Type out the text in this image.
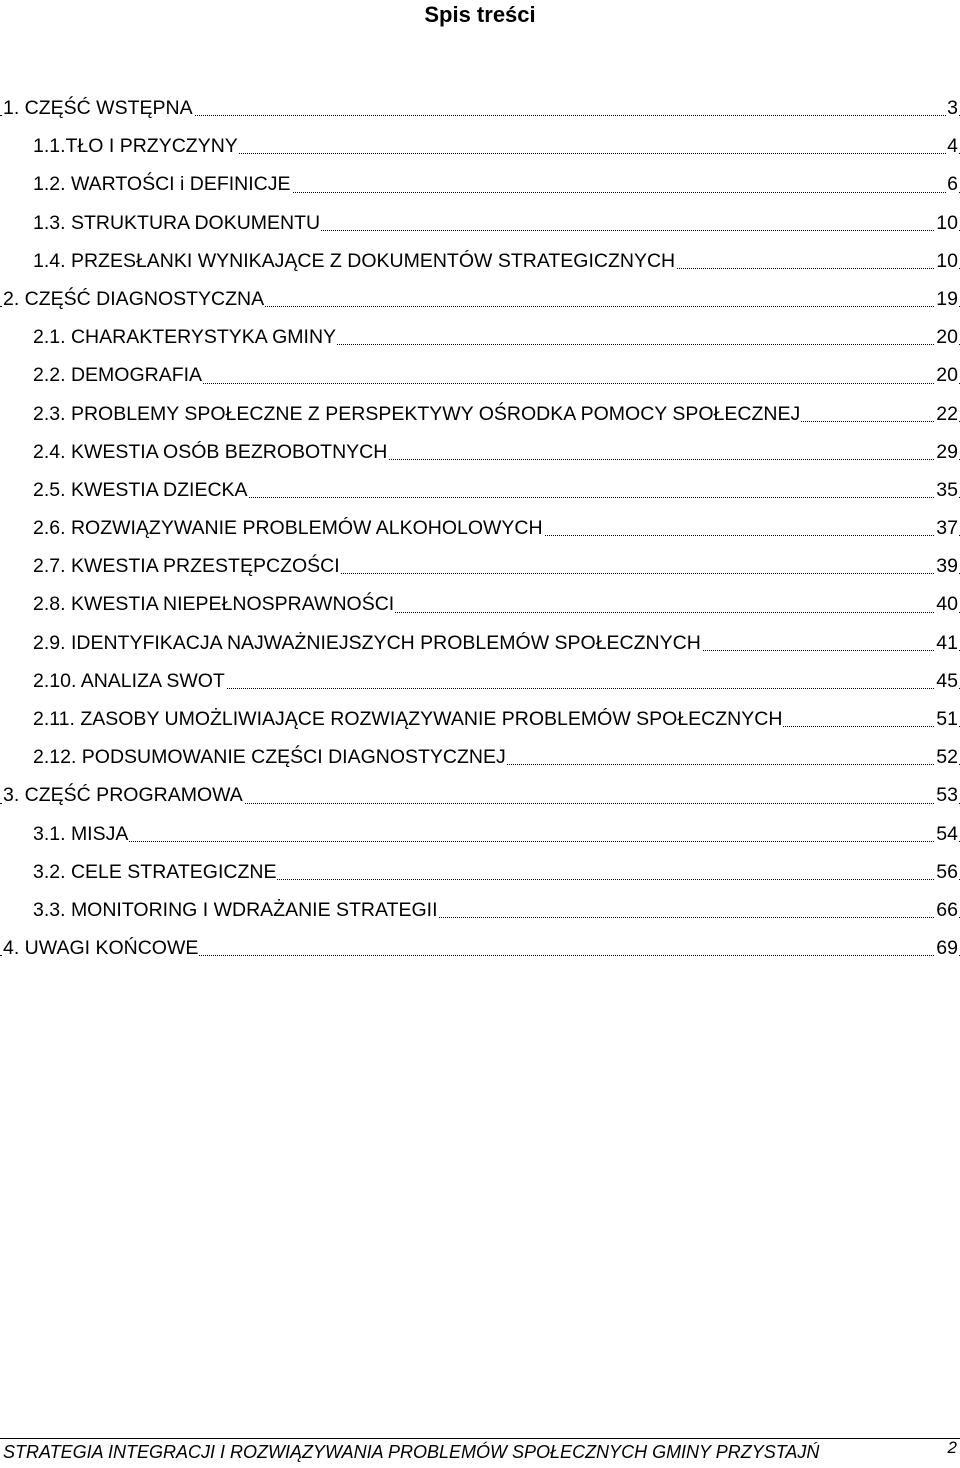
Spis treści
1. CZĘŚĆ WSTĘPNA	3
1.1.TŁO I PRZYCZYNY	4
1.2. WARTOŚCI i DEFINICJE	6
1.3. STRUKTURA DOKUMENTU	10
1.4. PRZESŁANKI WYNIKAJĄCE Z DOKUMENTÓW STRATEGICZNYCH	10
2. CZĘŚĆ DIAGNOSTYCZNA	19
2.1. CHARAKTERYSTYKA GMINY	20
2.2. DEMOGRAFIA	20
2.3. PROBLEMY SPOŁECZNE Z PERSPEKTYWY OŚRODKA POMOCY SPOŁECZNEJ	22
2.4. KWESTIA OSÓB BEZROBOTNYCH	29
2.5. KWESTIA DZIECKA	35
2.6. ROZWIĄZYWANIE PROBLEMÓW ALKOHOLOWYCH	37
2.7. KWESTIA PRZESTĘPCZOŚCI	39
2.8. KWESTIA NIEPEŁNOSPRAWNOŚCI	40
2.9. IDENTYFIKACJA NAJWAŻNIEJSZYCH PROBLEMÓW SPOŁECZNYCH	41
2.10. ANALIZA SWOT	45
2.11. ZASOBY UMOŻLIWIAJĄCE ROZWIĄZYWANIE PROBLEMÓW SPOŁECZNYCH	51
2.12. PODSUMOWANIE CZĘŚCI DIAGNOSTYCZNEJ	52
3. CZĘŚĆ PROGRAMOWA	53
3.1. MISJA	54
3.2. CELE STRATEGICZNE	56
3.3. MONITORING I WDRAŻANIE STRATEGII	66
4. UWAGI KOŃCOWE	69
STRATEGIA INTEGRACJI I ROZWIĄZYWANIA PROBLEMÓW SPOŁECZNYCH GMINY PRZYSTAJŃ	2
